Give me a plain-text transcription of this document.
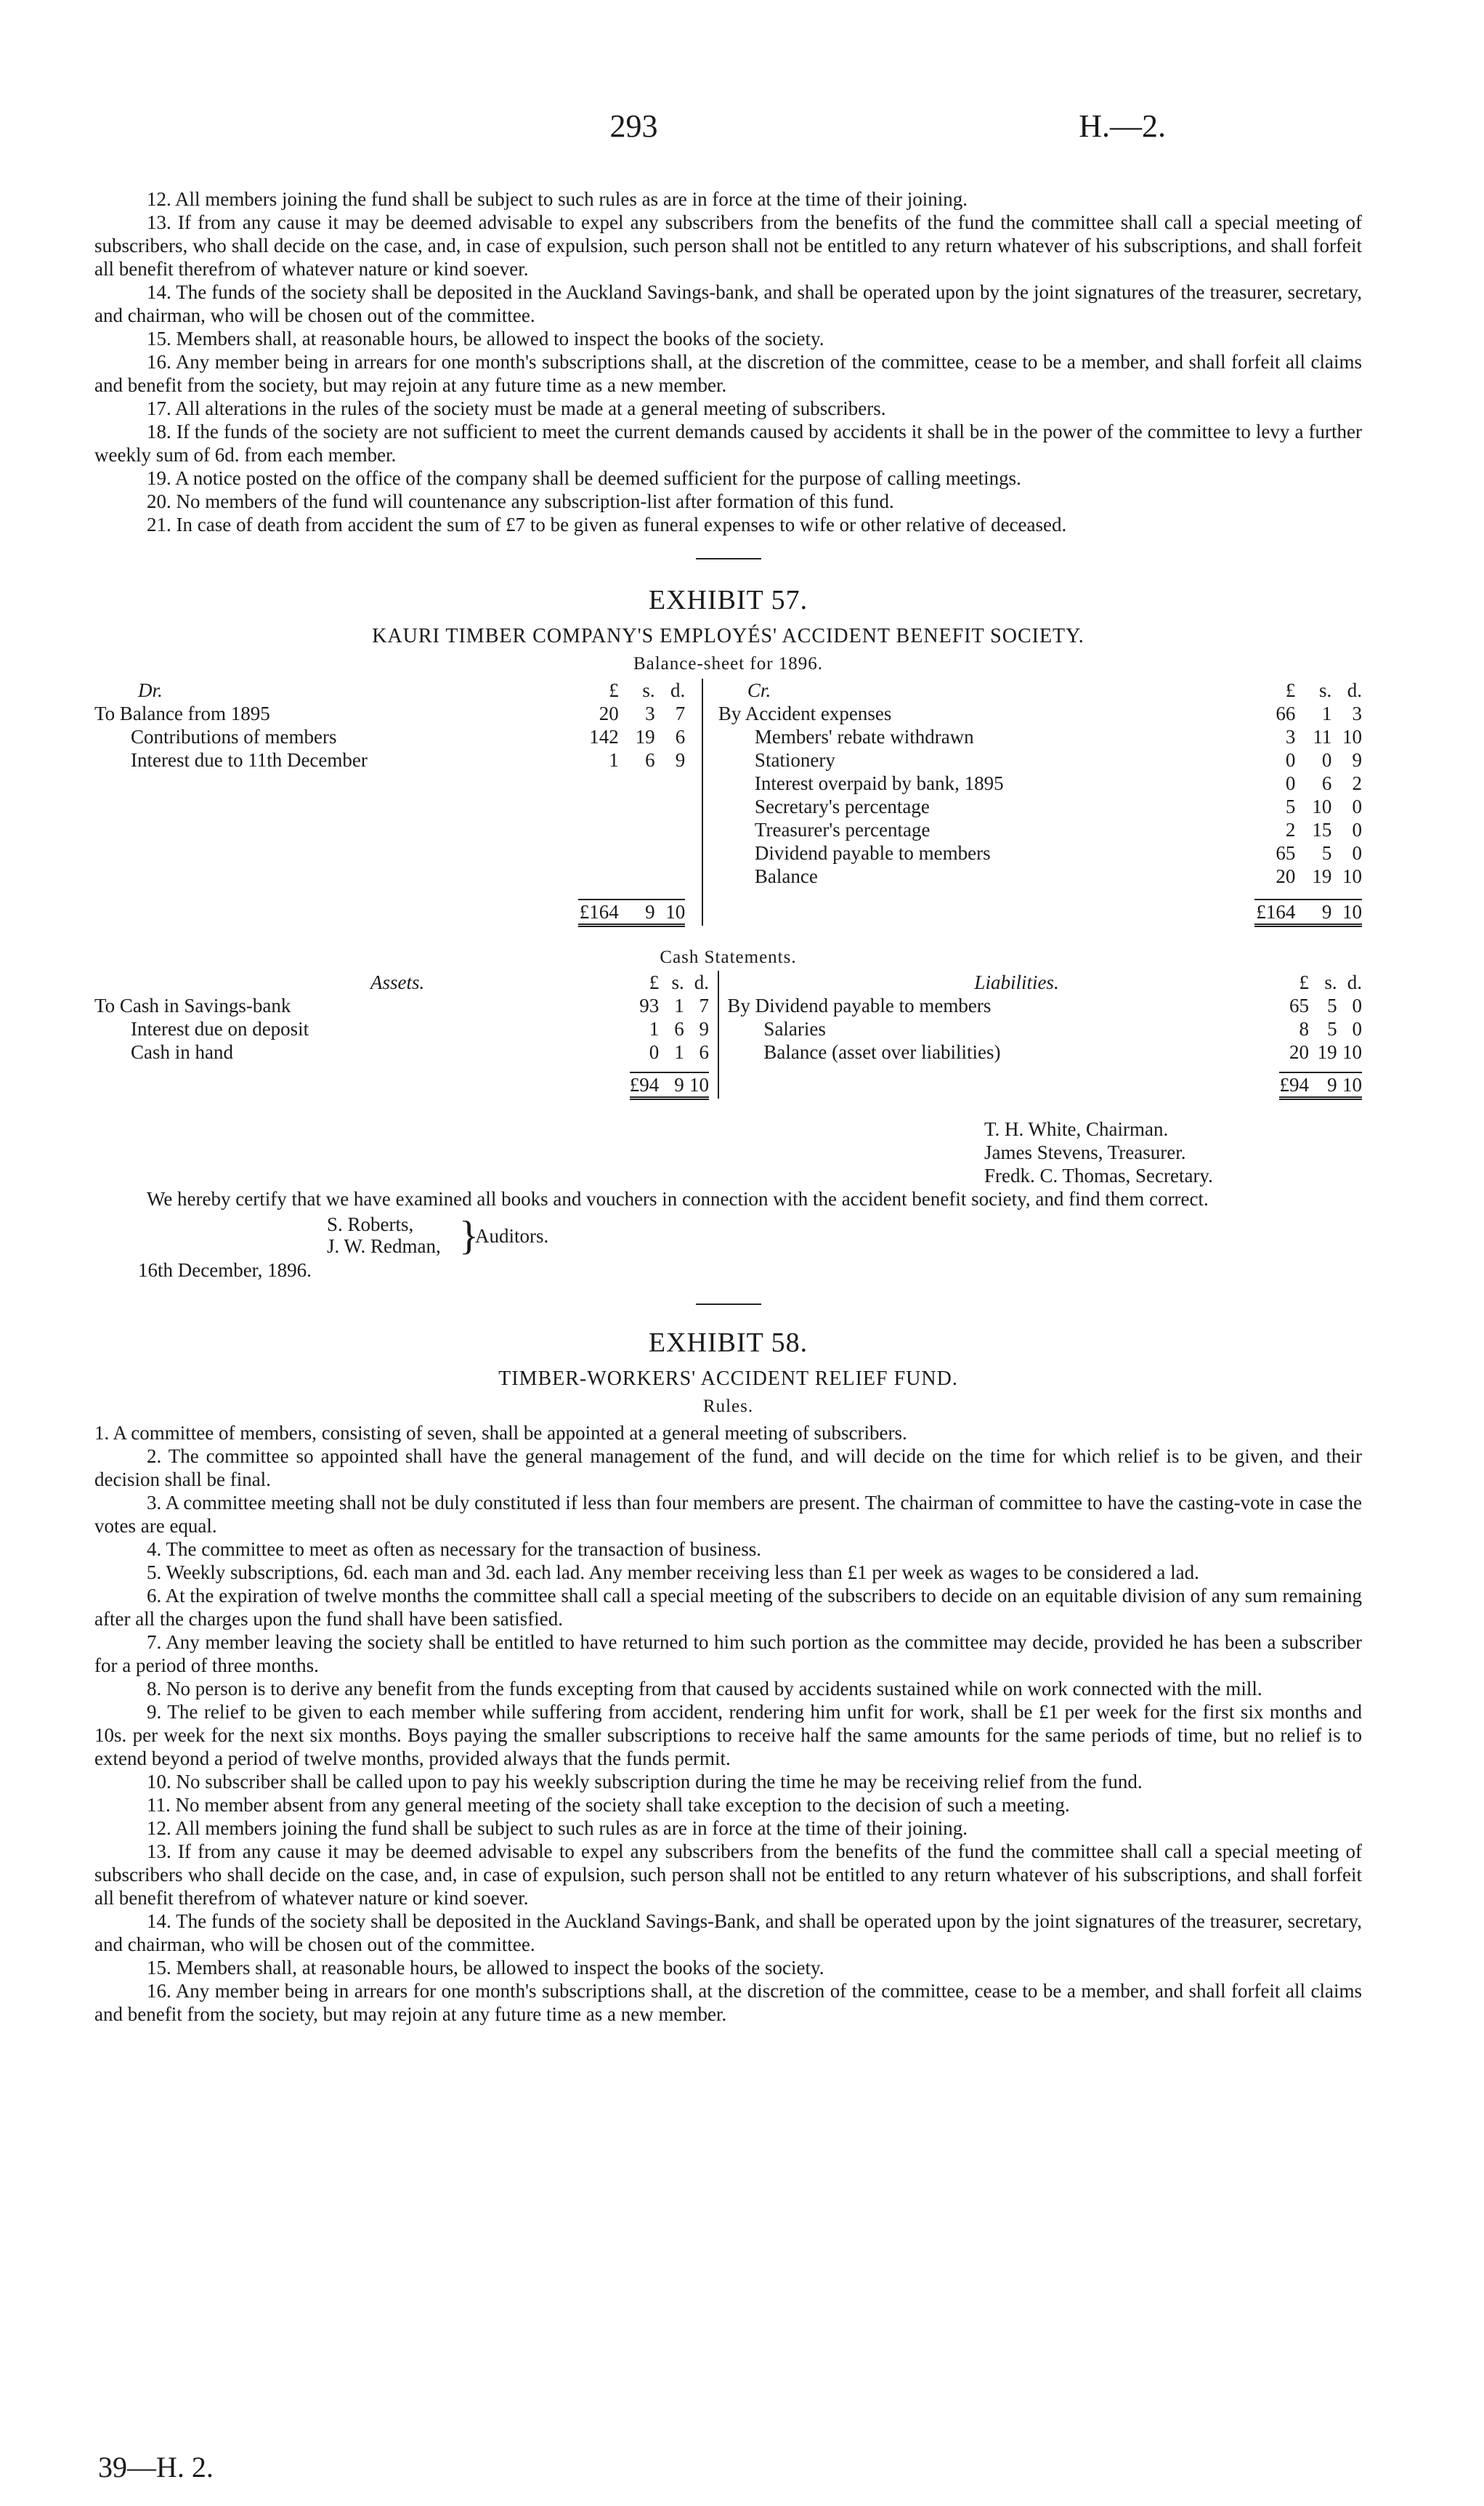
293	H.—2.

12. All members joining the fund shall be subject to such rules as are in force at the time of their joining.

13. If from any cause it may be deemed advisable to expel any subscribers from the benefits of the fund the committee shall call a special meeting of subscribers, who shall decide on the case, and, in case of expulsion, such person shall not be entitled to any return whatever of his subscriptions, and shall forfeit all benefit therefrom of whatever nature or kind soever.

14. The funds of the society shall be deposited in the Auckland Savings-bank, and shall be operated upon by the joint signatures of the treasurer, secretary, and chairman, who will be chosen out of the committee.

15. Members shall, at reasonable hours, be allowed to inspect the books of the society.

16. Any member being in arrears for one month's subscriptions shall, at the discretion of the committee, cease to be a member, and shall forfeit all claims and benefit from the society, but may rejoin at any future time as a new member.

17. All alterations in the rules of the society must be made at a general meeting of subscribers.

18. If the funds of the society are not sufficient to meet the current demands caused by accidents it shall be in the power of the committee to levy a further weekly sum of 6d. from each member.

19. A notice posted on the office of the company shall be deemed sufficient for the purpose of calling meetings.

20. No members of the fund will countenance any subscription-list after formation of this fund.

21. In case of death from accident the sum of £7 to be given as funeral expenses to wife or other relative of deceased.

EXHIBIT 57.
KAURI TIMBER COMPANY'S EMPLOYÉS' ACCIDENT BENEFIT SOCIETY.
Balance-sheet for 1896.
Dr.	£	s.	d.			Cr.	£	s.	d.
To Balance from 1895	20	3	7			By Accident expenses	66	1	3
Contributions of members	142	19	6			Members' rebate withdrawn	3	11	10
Interest due to 11th December	1	6	9			Stationery	0	0	9
						Interest overpaid by bank, 1895	0	6	2
						Secretary's percentage	5	10	0
						Treasurer's percentage	2	15	0
						Dividend payable to members	65	5	0
						Balance	20	19	10

	£164	9	10				£164	9	10
Cash Statements.
Assets.	£	s.	d.			Liabilities.	£	s.	d.
To Cash in Savings-bank	93	1	7			By Dividend payable to members	65	5	0
Interest due on deposit	1	6	9			Salaries	8	5	0
Cash in hand	0	1	6			Balance (asset over liabilities)	20	19	10

	£94	9	10				£94	9	10
T. H. White, Chairman.
James Stevens, Treasurer.
Fredk. C. Thomas, Secretary.

We hereby certify that we have examined all books and vouchers in connection with the accident benefit society, and find them correct.

S. Roberts,
J. W. Redman, }
Auditors.
16th December, 1896.
EXHIBIT 58.
TIMBER-WORKERS' ACCIDENT RELIEF FUND.
Rules.

1. A committee of members, consisting of seven, shall be appointed at a general meeting of subscribers.

2. The committee so appointed shall have the general management of the fund, and will decide on the time for which relief is to be given, and their decision shall be final.

3. A committee meeting shall not be duly constituted if less than four members are present. The chairman of committee to have the casting-vote in case the votes are equal.

4. The committee to meet as often as necessary for the transaction of business.

5. Weekly subscriptions, 6d. each man and 3d. each lad. Any member receiving less than £1 per week as wages to be considered a lad.

6. At the expiration of twelve months the committee shall call a special meeting of the subscribers to decide on an equitable division of any sum remaining after all the charges upon the fund shall have been satisfied.

7. Any member leaving the society shall be entitled to have returned to him such portion as the committee may decide, provided he has been a subscriber for a period of three months.

8. No person is to derive any benefit from the funds excepting from that caused by accidents sustained while on work connected with the mill.

9. The relief to be given to each member while suffering from accident, rendering him unfit for work, shall be £1 per week for the first six months and 10s. per week for the next six months. Boys paying the smaller subscriptions to receive half the same amounts for the same periods of time, but no relief is to extend beyond a period of twelve months, provided always that the funds permit.

10. No subscriber shall be called upon to pay his weekly subscription during the time he may be receiving relief from the fund.

11. No member absent from any general meeting of the society shall take exception to the decision of such a meeting.

12. All members joining the fund shall be subject to such rules as are in force at the time of their joining.

13. If from any cause it may be deemed advisable to expel any subscribers from the benefits of the fund the committee shall call a special meeting of subscribers who shall decide on the case, and, in case of expulsion, such person shall not be entitled to any return whatever of his subscriptions, and shall forfeit all benefit therefrom of whatever nature or kind soever.

14. The funds of the society shall be deposited in the Auckland Savings-Bank, and shall be operated upon by the joint signatures of the treasurer, secretary, and chairman, who will be chosen out of the committee.

15. Members shall, at reasonable hours, be allowed to inspect the books of the society.

16. Any member being in arrears for one month's subscriptions shall, at the discretion of the committee, cease to be a member, and shall forfeit all claims and benefit from the society, but may rejoin at any future time as a new member.

39—H. 2.
